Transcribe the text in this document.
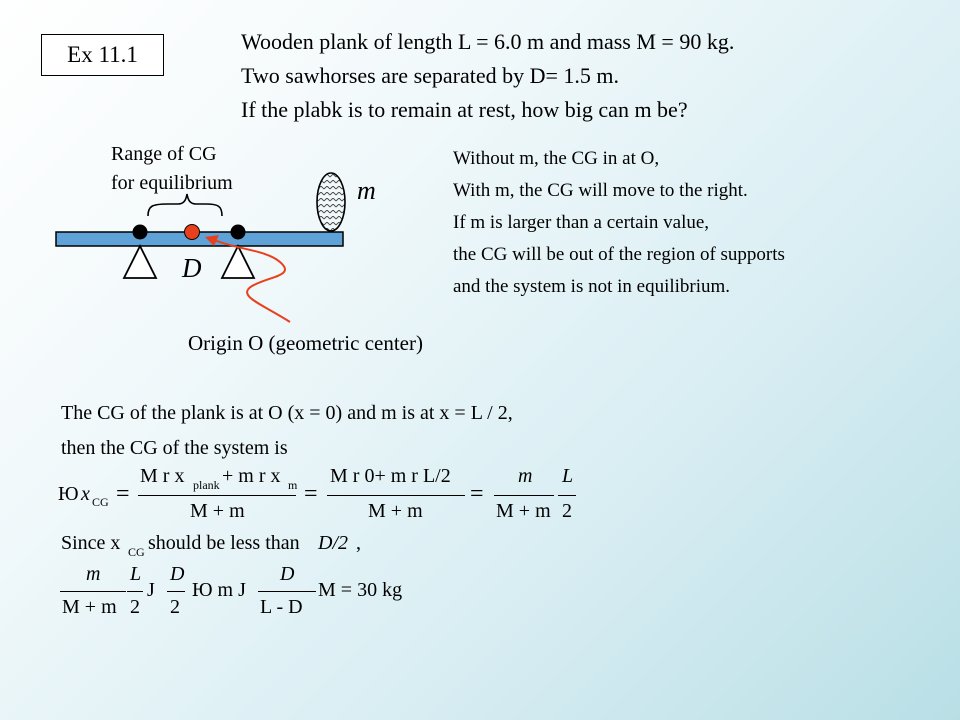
Ex 11.1
Wooden plank of length L = 6.0 m and mass M = 90 kg.
Two sawhorses are separated by D= 1.5 m.
If the plabk is to remain at rest, how big can m be?
Range of CG
for equilibrium	m
D
Origin O (geometric center)
Without m, the CG in at O,
With m, the CG will move to the right.
If m is larger than a certain value,
the CG will be out of the region of supports
and the system is not in equilibrium.
The CG of the plank is at O (x = 0) and m is at x = L / 2,
then the CG of the system is
Ю x CG =
M r x plank + m r x m
M + m
=
M r 0+ m r L/2
M + m
=
m
M + m
L
2
Since x CG should be less than D/2 ,
m
M + m
L
2
J
D
2
Ю m J
D
L - D
M = 30 kg
